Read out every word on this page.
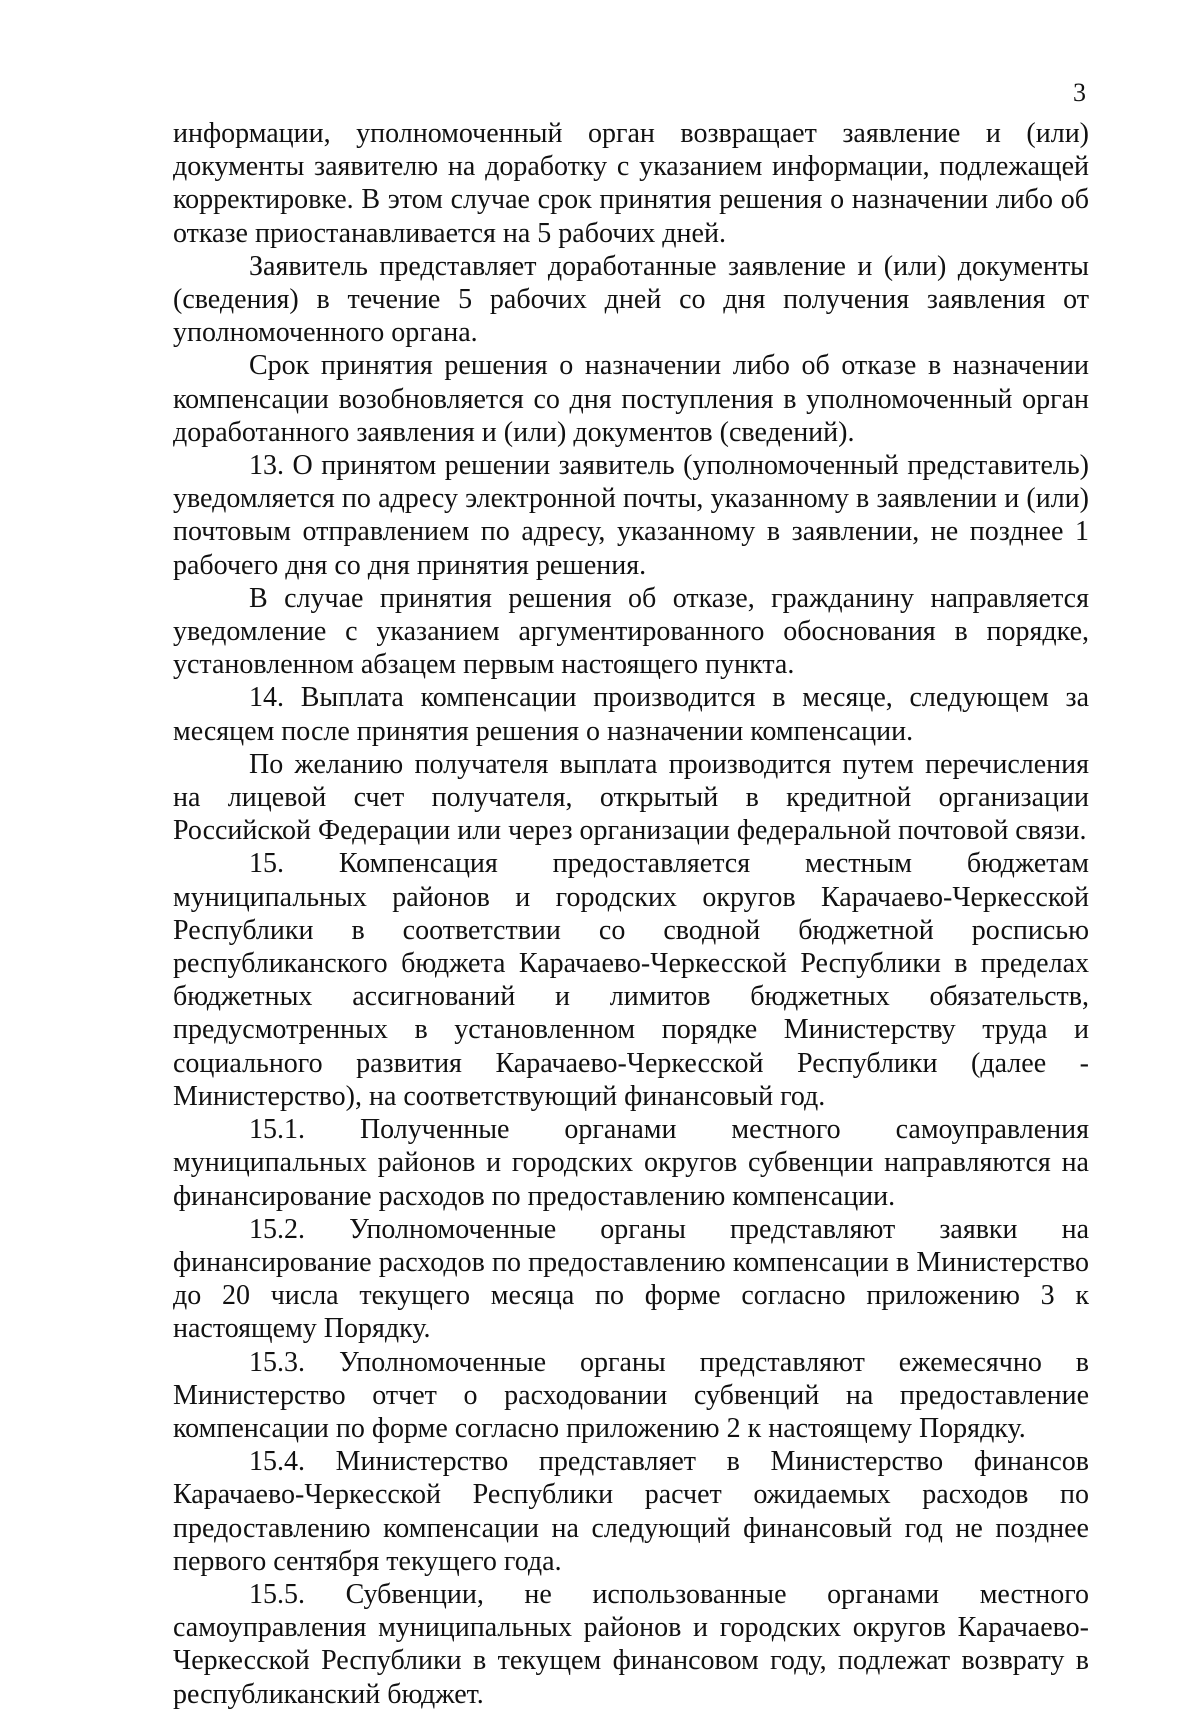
3

информации, уполномоченный орган возвращает заявление и (или) документы заявителю на доработку с указанием информации, подлежащей корректировке. В этом случае срок принятия решения о назначении либо об отказе приостанавливается на 5 рабочих дней.

Заявитель представляет доработанные заявление и (или) документы (сведения) в течение 5 рабочих дней со дня получения заявления от уполномоченного органа.

Срок принятия решения о назначении либо об отказе в назначении компенсации возобновляется со дня поступления в уполномоченный орган доработанного заявления и (или) документов (сведений).

13. О принятом решении заявитель (уполномоченный представитель) уведомляется по адресу электронной почты, указанному в заявлении и (или) почтовым отправлением по адресу, указанному в заявлении, не позднее 1 рабочего дня со дня принятия решения.

В случае принятия решения об отказе, гражданину направляется уведомление с указанием аргументированного обоснования в порядке, установленном абзацем первым настоящего пункта.

14. Выплата компенсации производится в месяце, следующем за месяцем после принятия решения о назначении компенсации.

По желанию получателя выплата производится путем перечисления на лицевой счет получателя, открытый в кредитной организации Российской Федерации или через организации федеральной почтовой связи.

15. Компенсация предоставляется местным бюджетам муниципальных районов и городских округов Карачаево-Черкесской Республики в соответствии со сводной бюджетной росписью республиканского бюджета Карачаево-Черкесской Республики в пределах бюджетных ассигнований и лимитов бюджетных обязательств, предусмотренных в установленном порядке Министерству труда и социального развития Карачаево-Черкесской Республики (далее - Министерство), на соответствующий финансовый год.

15.1. Полученные органами местного самоуправления муниципальных районов и городских округов субвенции направляются на финансирование расходов по предоставлению компенсации.

15.2. Уполномоченные органы представляют заявки на финансирование расходов по предоставлению компенсации в Министерство до 20 числа текущего месяца по форме согласно приложению 3 к настоящему Порядку.

15.3. Уполномоченные органы представляют ежемесячно в Министерство отчет о расходовании субвенций на предоставление компенсации по форме согласно приложению 2 к настоящему Порядку.

15.4. Министерство представляет в Министерство финансов Карачаево-Черкесской Республики расчет ожидаемых расходов по предоставлению компенсации на следующий финансовый год не позднее первого сентября текущего года.

15.5. Субвенции, не использованные органами местного самоуправления муниципальных районов и городских округов Карачаево- Черкесской Республики в текущем финансовом году, подлежат возврату в республиканский бюджет.
